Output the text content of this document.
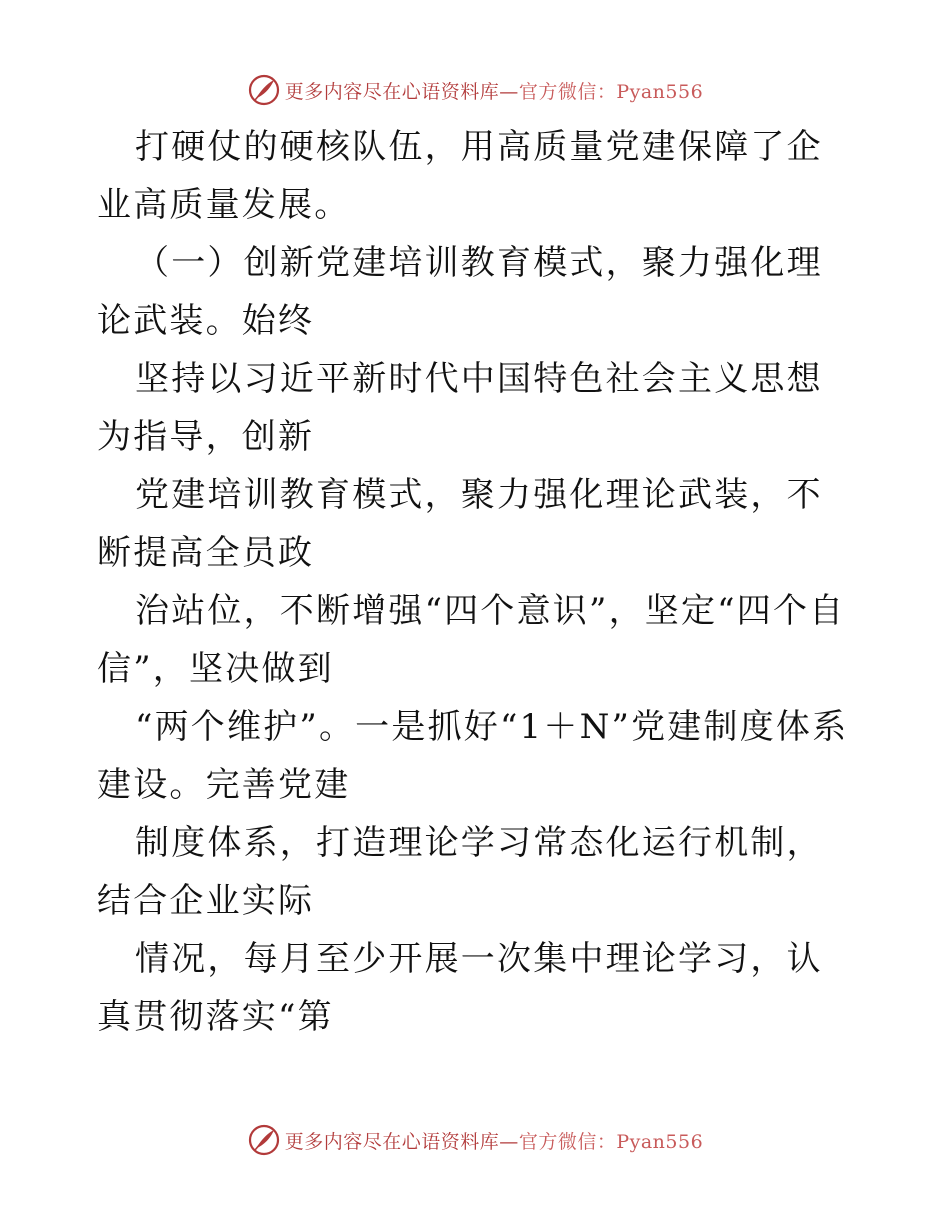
更多内容尽在心语资料库—官方微信：Pyan556

打硬仗的硬核队伍，用高质量党建保障了企业高质量发展。

（一）创新党建培训教育模式，聚力强化理论武装。始终

坚持以习近平新时代中国特色社会主义思想为指导，创新

党建培训教育模式，聚力强化理论武装，不断提高全员政

治站位，不断增强“四个意识”，坚定“四个自信”，坚决做到

“两个维护”。一是抓好“1＋N”党建制度体系建设。完善党建

制度体系，打造理论学习常态化运行机制，结合企业实际

情况，每月至少开展一次集中理论学习，认真贯彻落实“第

更多内容尽在心语资料库—官方微信：Pyan556
